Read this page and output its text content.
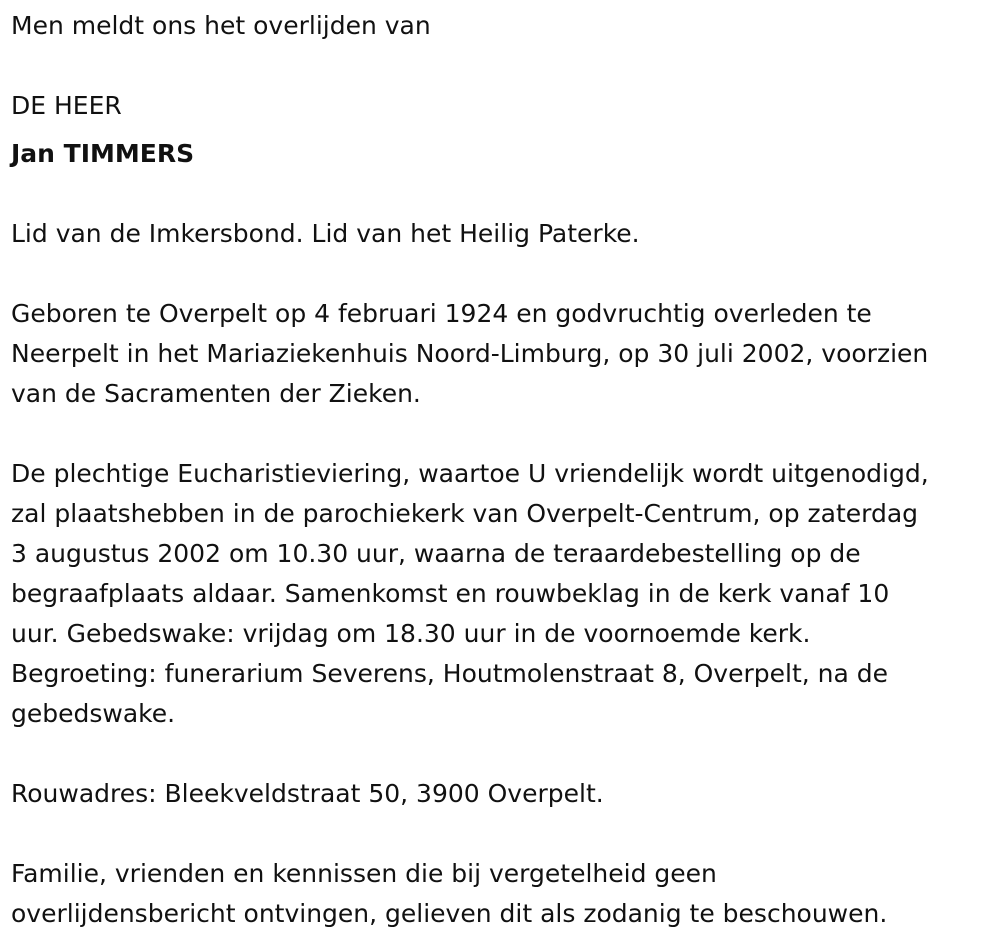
Men meldt ons het overlijden van

DE HEER

Jan TIMMERS

Lid van de Imkersbond. Lid van het Heilig Paterke.

Geboren te Overpelt op 4 februari 1924 en godvruchtig overleden te
Neerpelt in het Mariaziekenhuis Noord-Limburg, op 30 juli 2002, voorzien
van de Sacramenten der Zieken.

De plechtige Eucharistieviering, waartoe U vriendelijk wordt uitgenodigd,
zal plaatshebben in de parochiekerk van Overpelt-Centrum, op zaterdag
3 augustus 2002 om 10.30 uur, waarna de teraardebestelling op de
begraafplaats aldaar. Samenkomst en rouwbeklag in de kerk vanaf 10
uur. Gebedswake: vrijdag om 18.30 uur in de voornoemde kerk.
Begroeting: funerarium Severens, Houtmolenstraat 8, Overpelt, na de
gebedswake.

Rouwadres: Bleekveldstraat 50, 3900 Overpelt.

Familie, vrienden en kennissen die bij vergetelheid geen
overlijdensbericht ontvingen, gelieven dit als zodanig te beschouwen.
